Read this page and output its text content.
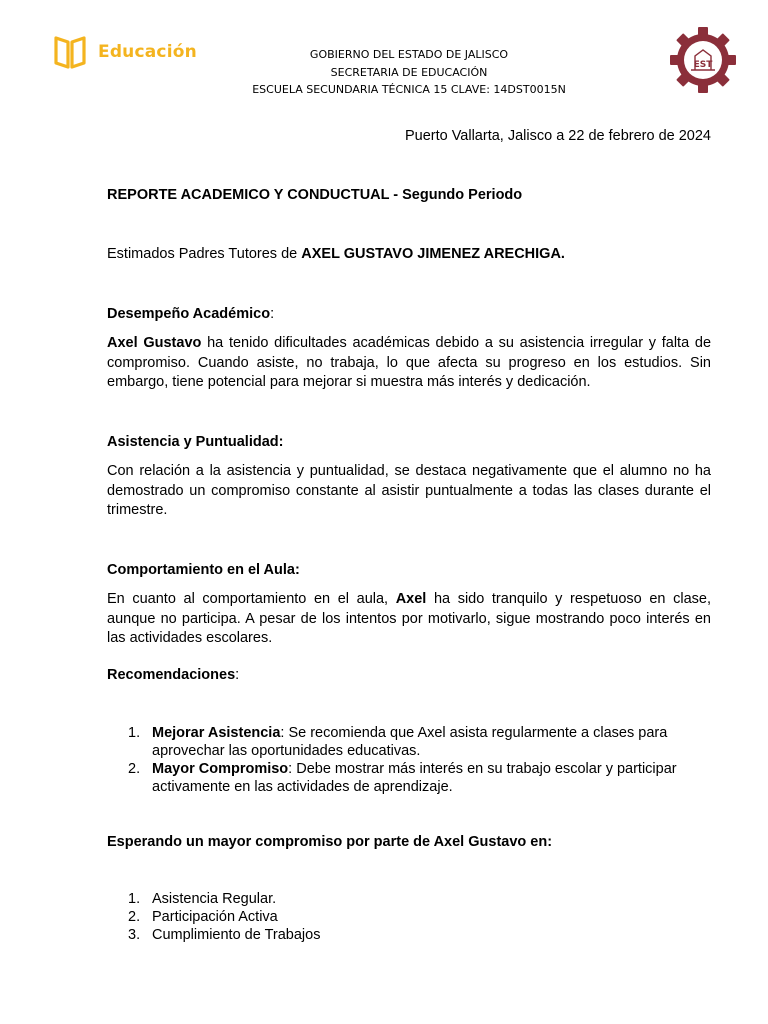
Educación	GOBIERNO DEL ESTADO DE JALISCO
SECRETARIA DE EDUCACIÓN
ESCUELA SECUNDARIA TÉCNICA 15 CLAVE: 14DST0015N
EST
Puerto Vallarta, Jalisco a 22 de febrero de 2024
REPORTE ACADEMICO Y CONDUCTUAL - Segundo Periodo
Estimados Padres Tutores de AXEL GUSTAVO JIMENEZ ARECHIGA.
Desempeño Académico:
Axel Gustavo ha tenido dificultades académicas debido a su asistencia irregular y falta de compromiso. Cuando asiste, no trabaja, lo que afecta su progreso en los estudios. Sin embargo, tiene potencial para mejorar si muestra más interés y dedicación.
Asistencia y Puntualidad:
Con relación a la asistencia y puntualidad, se destaca negativamente que el alumno no ha demostrado un compromiso constante al asistir puntualmente a todas las clases durante el trimestre.
Comportamiento en el Aula:
En cuanto al comportamiento en el aula, Axel ha sido tranquilo y respetuoso en clase, aunque no participa. A pesar de los intentos por motivarlo, sigue mostrando poco interés en las actividades escolares.
Recomendaciones:
1. Mejorar Asistencia: Se recomienda que Axel asista regularmente a clases para aprovechar las oportunidades educativas.
2. Mayor Compromiso: Debe mostrar más interés en su trabajo escolar y participar activamente en las actividades de aprendizaje.
Esperando un mayor compromiso por parte de Axel Gustavo en:
1. Asistencia Regular.
2. Participación Activa
3. Cumplimiento de Trabajos
